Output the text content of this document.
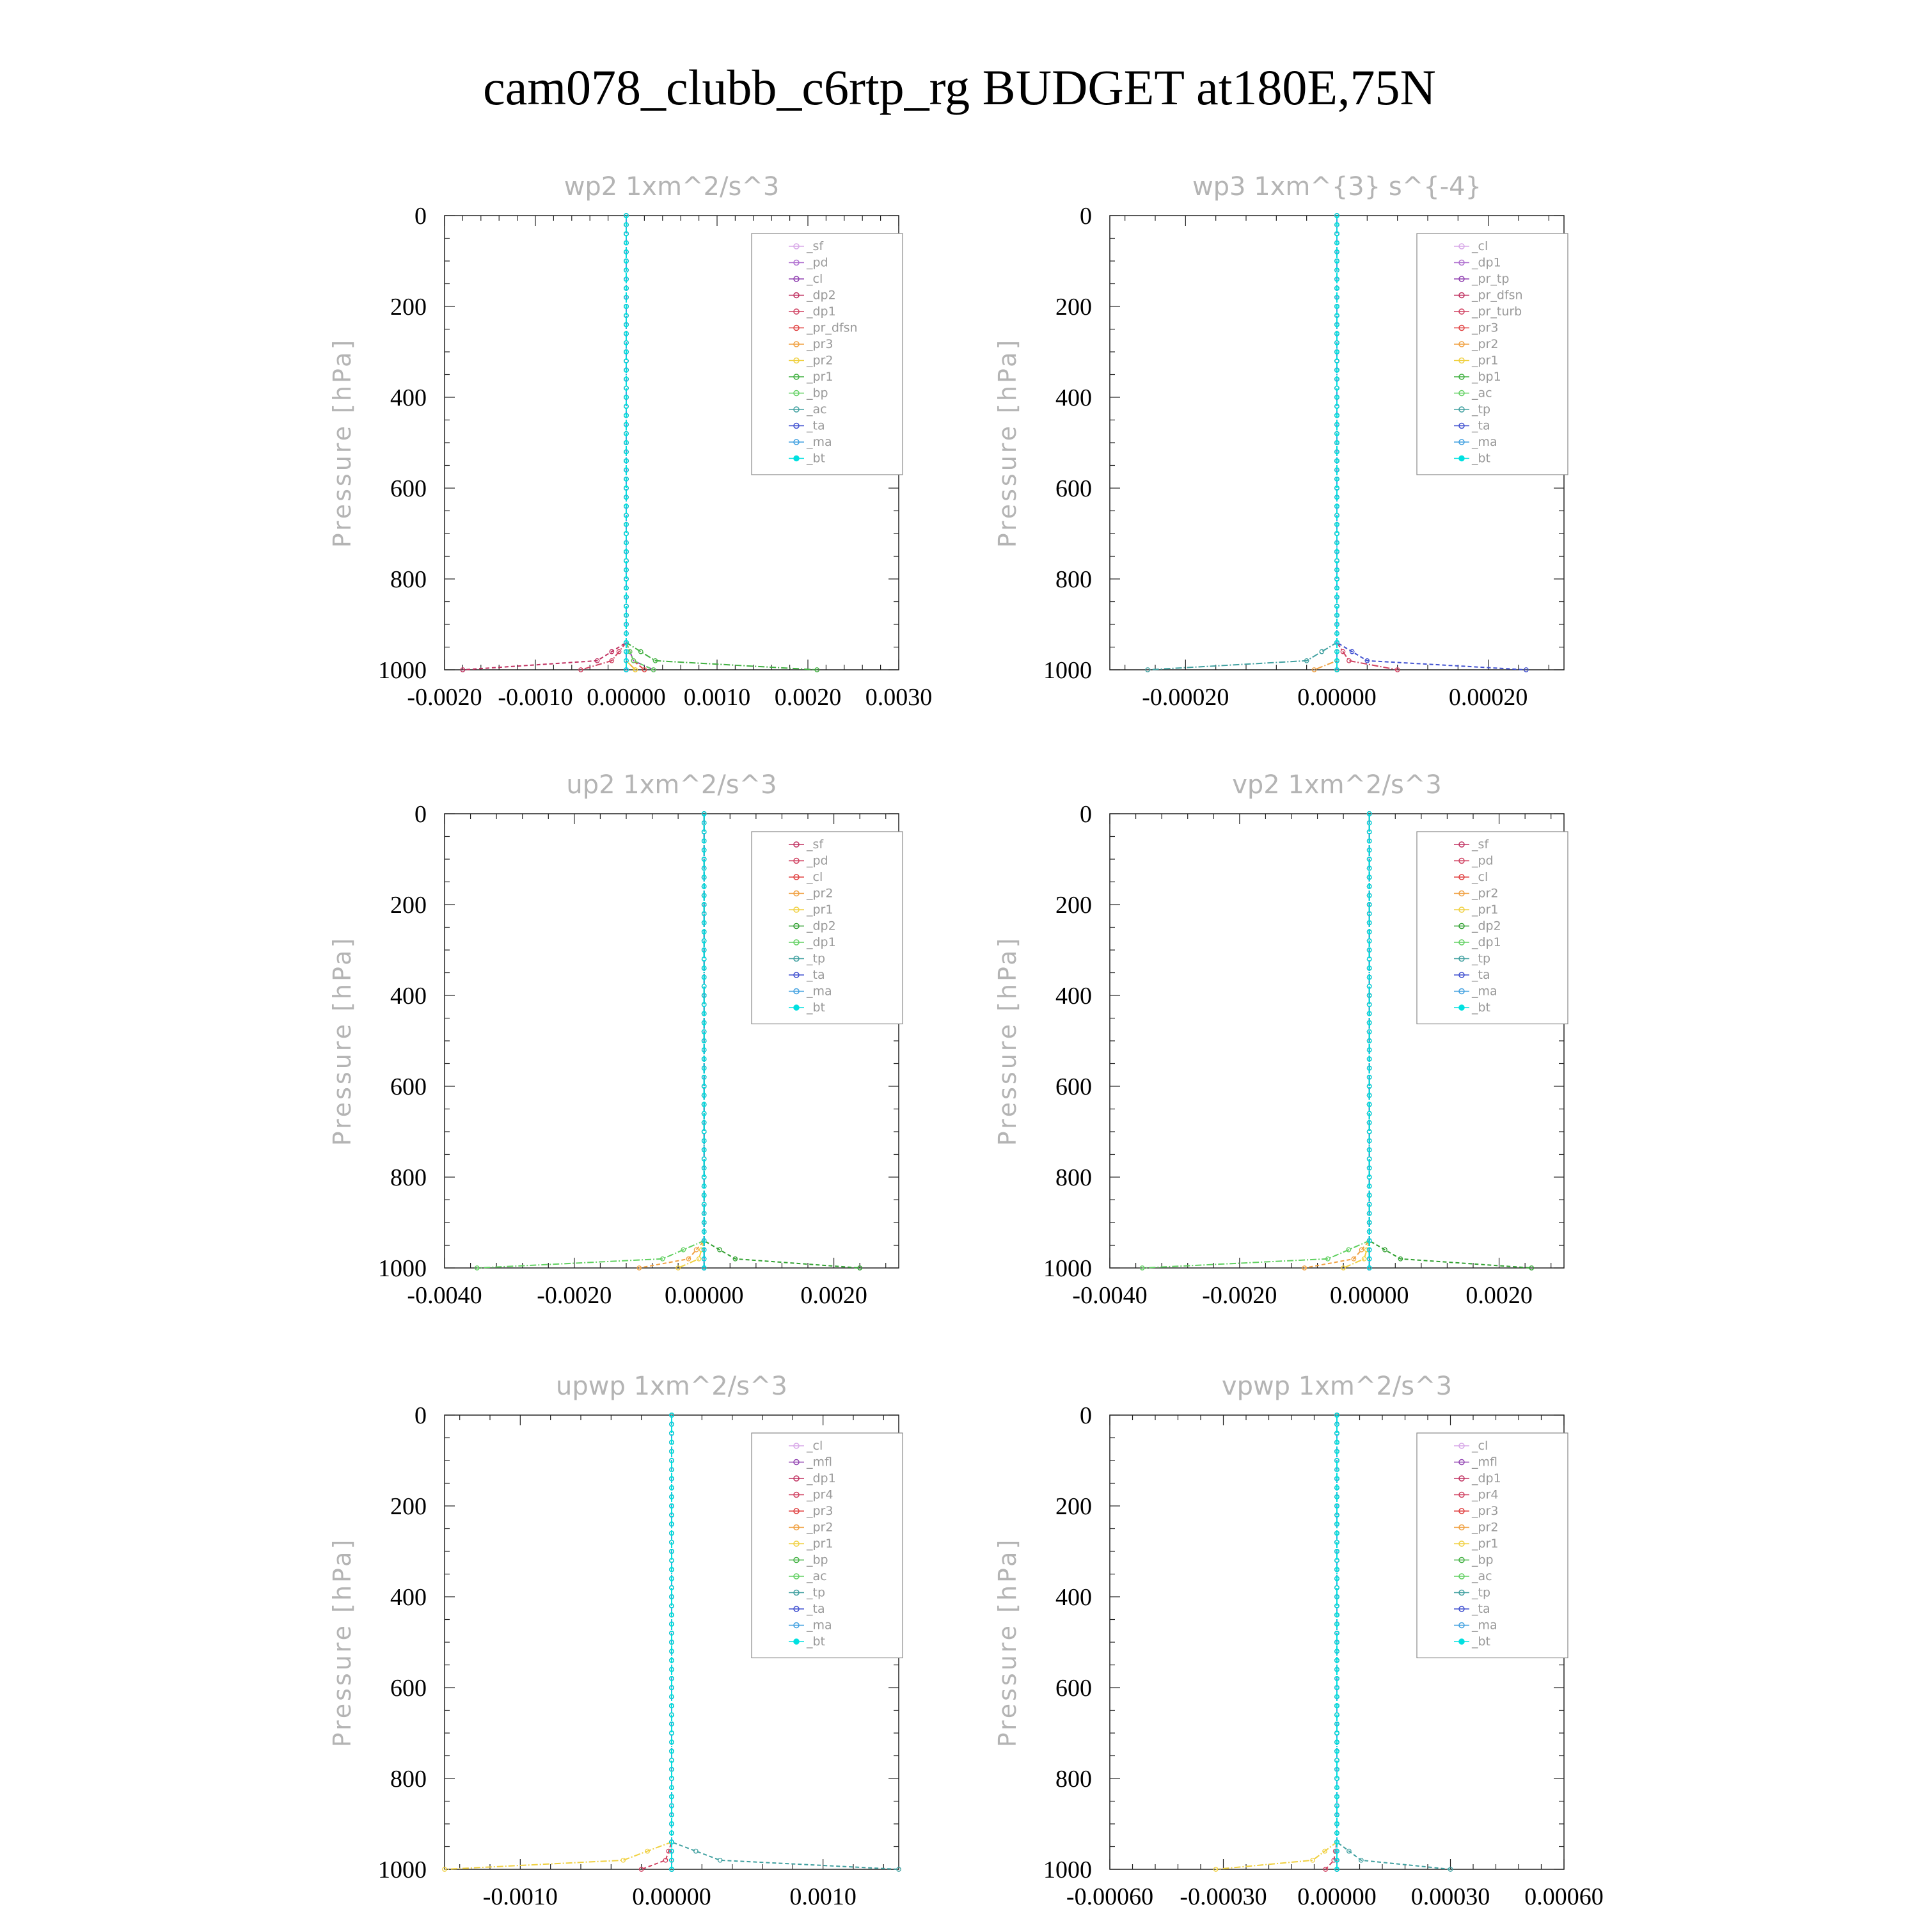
cam078_clubb_c6rtp_rg BUDGET at180E,75N
wp2 1xm^2/s^3
Pressure [hPa]
0
200
400
600
800
1000
-0.0020 -0.0010 0.00000 0.0010 0.0020 0.0030
_sf
_pd
_cl
_dp2
_dp1
_pr_dfsn
_pr3
_pr2
_pr1
_bp
_ac
_ta
_ma
_bt
wp3 1xm^{3} s^{-4}
Pressure [hPa]
0
200
400
600
800
1000
-0.00020	0.00000	0.00020
_cl
_dp1
_pr_tp
_pr_dfsn
_pr_turb
_pr3
_pr2
_pr1
_bp1
_ac
_tp
_ta
_ma
_bt
up2 1xm^2/s^3
Pressure [hPa]
0
200
400
600
800
1000
-0.0040 -0.0020 0.00000 0.0020
_sf
_pd
_cl
_pr2
_pr1
_dp2
_dp1
_tp
_ta
_ma
_bt
vp2 1xm^2/s^3
Pressure [hPa]
0
200
400
600
800
1000
-0.0040 -0.0020 0.00000 0.0020
_sf
_pd
_cl
_pr2
_pr1
_dp2
_dp1
_tp
_ta
_ma
_bt
upwp 1xm^2/s^3
Pressure [hPa]
0
200
400
600
800
1000
-0.0010	0.00000	0.0010
_cl
_mfl
_dp1
_pr4
_pr3
_pr2
_pr1
_bp
_ac
_tp
_ta
_ma
_bt
vpwp 1xm^2/s^3
Pressure [hPa]
0
200
400
600
800
1000
-0.00060 -0.00030 0.00000 0.00030 0.00060
_cl
_mfl
_dp1
_pr4
_pr3
_pr2
_pr1
_bp
_ac
_tp
_ta
_ma
_bt
